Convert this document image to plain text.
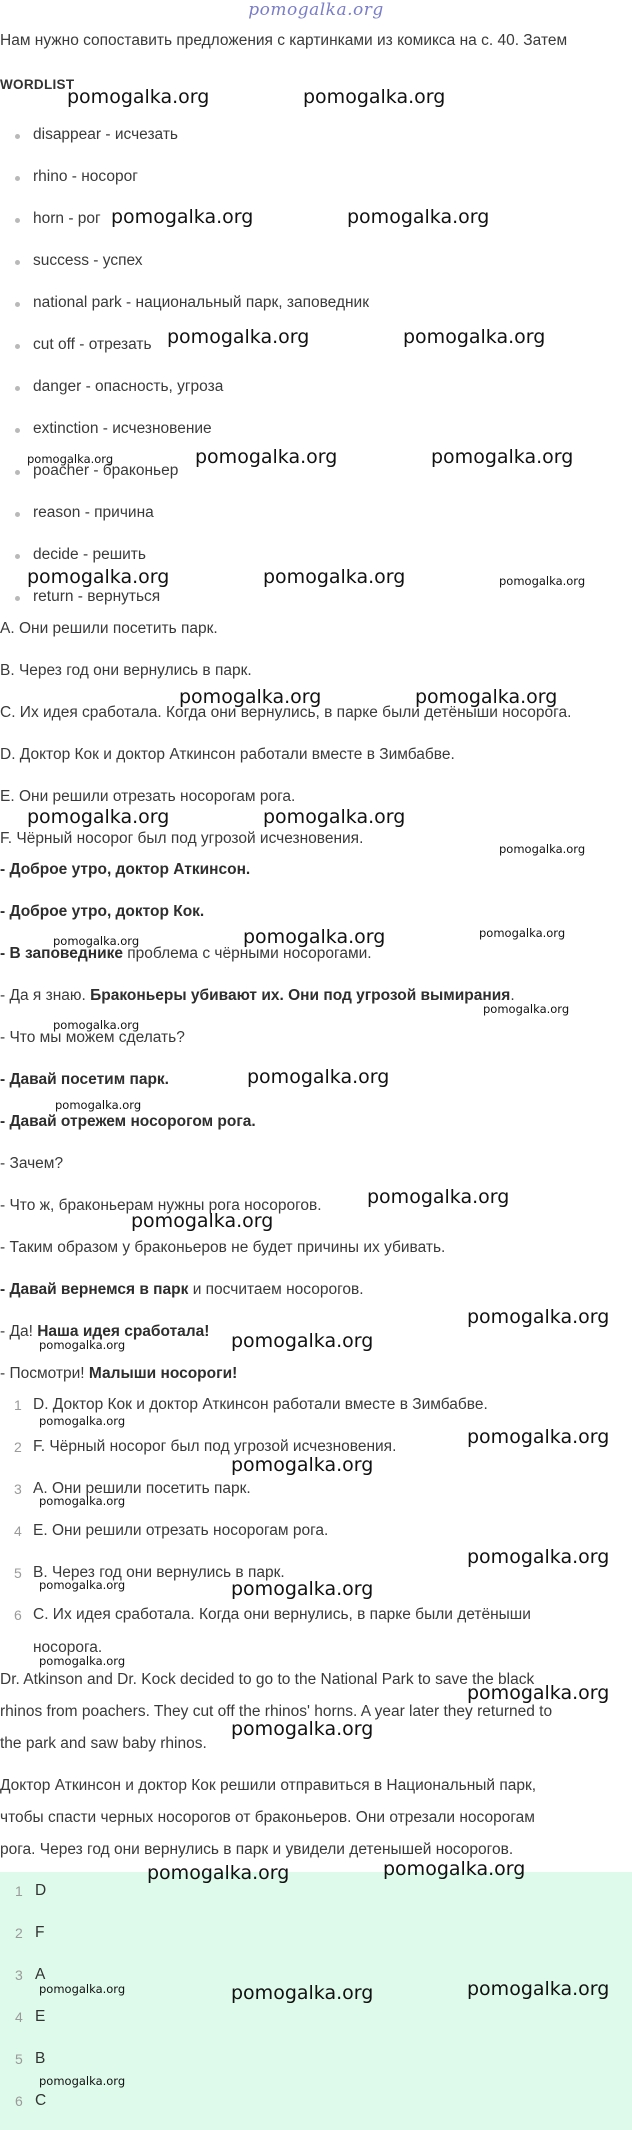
pomogalka.org
Нам нужно сопоставить предложения с картинками из комикса на с. 40. Затем
WORDLIST
disappear - исчезать
rhino - носорог
horn - рог
success - успех
national park - национальный парк, заповедник
cut off - отрезать
danger - опасность, угроза
extinction - исчезновение
poacher - браконьер
reason - причина
decide - решить
return - вернуться
A. Они решили посетить парк.
B. Через год они вернулись в парк.
C. Их идея сработала. Когда они вернулись, в парке были детёныши носорога.
D. Доктор Кок и доктор Аткинсон работали вместе в Зимбабве.
E. Они решили отрезать носорогам рога.
F. Чёрный носорог был под угрозой исчезновения.
- Доброе утро, доктор Аткинсон.
- Доброе утро, доктор Кок.
- В заповеднике проблема с чёрными носорогами.
- Да я знаю. Браконьеры убивают их. Они под угрозой вымирания.
- Что мы можем сделать?
- Давай посетим парк.
- Давай отрежем носорогом рога.
- Зачем?
- Что ж, браконьерам нужны рога носорогов.
- Таким образом у браконьеров не будет причины их убивать.
- Давай вернемся в парк и посчитаем носорогов.
- Да! Наша идея сработала!
- Посмотри! Малыши носороги!
1 D. Доктор Кок и доктор Аткинсон работали вместе в Зимбабве.
2 F. Чёрный носорог был под угрозой исчезновения.
3 A. Они решили посетить парк.
4 E. Они решили отрезать носорогам рога.
5 B. Через год они вернулись в парк.
6 C. Их идея сработала. Когда они вернулись, в парке были детёныши
носорога.
Dr. Atkinson and Dr. Kock decided to go to the National Park to save the black
rhinos from poachers. They cut off the rhinos' horns. A year later they returned to
the park and saw baby rhinos.
Доктор Аткинсон и доктор Кок решили отправиться в Национальный парк,
чтобы спасти черных носорогов от браконьеров. Они отрезали носорогам
рога. Через год они вернулись в парк и увидели детенышей носорогов.
1 D
2 F
3 A
4 E
5 B
6 C
pomogalka.org	pomogalka.org
pomogalka.org	pomogalka.org
pomogalka.org	pomogalka.org
pomogalka.org	pomogalka.org	pomogalka.org
pomogalka.org	pomogalka.org	pomogalka.org
pomogalka.org	pomogalka.org
pomogalka.org	pomogalka.org
pomogalka.org
pomogalka.org	pomogalka.org	pomogalka.org
pomogalka.org
pomogalka.org
pomogalka.org
pomogalka.org
pomogalka.org
pomogalka.org
pomogalka.org
pomogalka.org
pomogalka.org
pomogalka.org
pomogalka.org
pomogalka.org
pomogalka.org
pomogalka.org
pomogalka.org	pomogalka.org
pomogalka.org
pomogalka.org
pomogalka.org
pomogalka.org	pomogalka.org
pomogalka.org	pomogalka.org	pomogalka.org
pomogalka.org
